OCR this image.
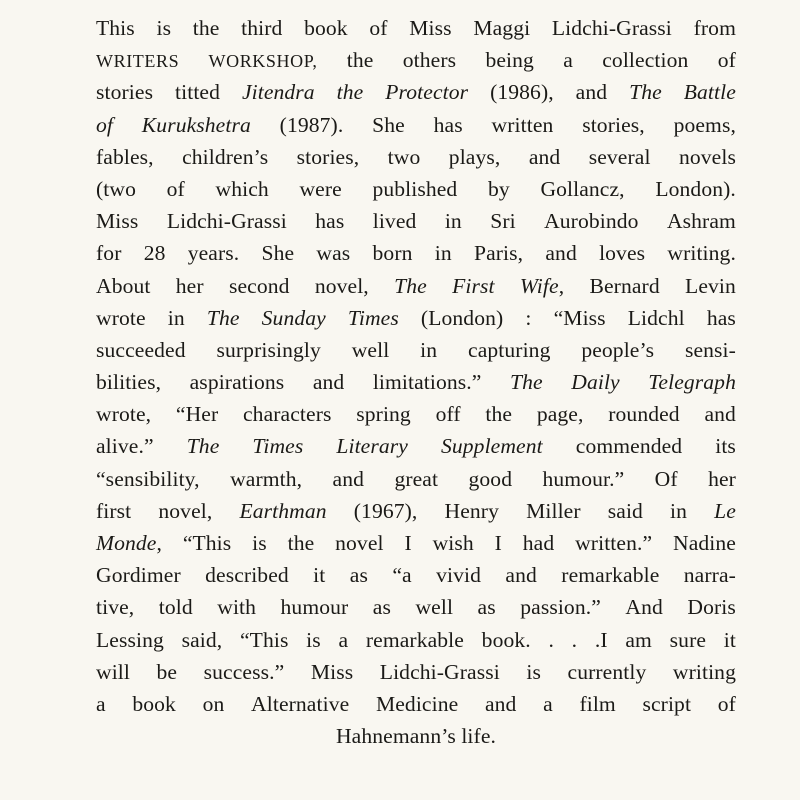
This is the third book of Miss Maggi Lidchi-Grassi from
WRITERS WORKSHOP, the others being a collection of
stories titted Jitendra the Protector (1986), and The Battle
of Kurukshetra (1987). She has written stories, poems,
fables, children’s stories, two plays, and several novels
(two of which were published by Gollancz, London).
Miss Lidchi-Grassi has lived in Sri Aurobindo Ashram
for 28 years. She was born in Paris, and loves writing.
About her second novel, The First Wife, Bernard Levin
wrote in The Sunday Times (London) : “Miss Lidchl has
succeeded surprisingly well in capturing people’s sensi-
bilities, aspirations and limitations.” The Daily Telegraph
wrote, “Her characters spring off the page, rounded and
alive.” The Times Literary Supplement commended its
“sensibility, warmth, and great good humour.” Of her
first novel, Earthman (1967), Henry Miller said in Le
Monde, “This is the novel I wish I had written.” Nadine
Gordimer described it as “a vivid and remarkable narra-
tive, told with humour as well as passion.” And Doris
Lessing said, “This is a remarkable book. . . .I am sure it
will be success.” Miss Lidchi-Grassi is currently writing
a book on Alternative Medicine and a film script of
Hahnemann’s
life.
